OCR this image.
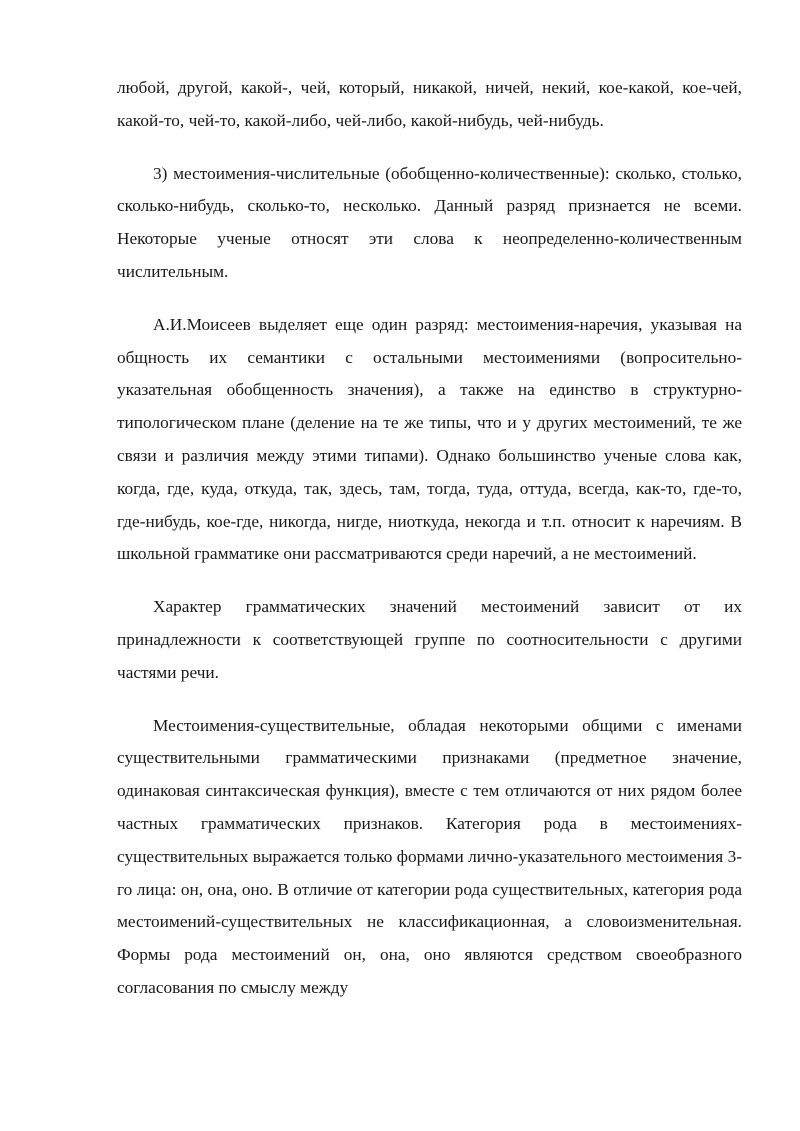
любой, другой, какой-, чей, который, никакой, ничей, некий, кое-какой, кое-чей, какой-то, чей-то, какой-либо, чей-либо, какой-нибудь, чей-нибудь.

3) местоимения-числительные (обобщенно-количественные): сколько, столько, сколько-нибудь, сколько-то, несколько. Данный разряд признается не всеми. Некоторые ученые относят эти слова к неопределенно-количественным числительным.

А.И.Моисеев выделяет еще один разряд: местоимения-наречия, указывая на общность их семантики с остальными местоимениями (вопросительно-указательная обобщенность значения), а также на единство в структурно-типологическом плане (деление на те же типы, что и у других местоимений, те же связи и различия между этими типами). Однако большинство ученые слова как, когда, где, куда, откуда, так, здесь, там, тогда, туда, оттуда, всегда, как-то, где-то, где-нибудь, кое-где, никогда, нигде, ниоткуда, некогда и т.п. относит к наречиям. В школьной грамматике они рассматриваются среди наречий, а не местоимений.

Характер грамматических значений местоимений зависит от их принадлежности к соответствующей группе по соотносительности с другими частями речи.

Местоимения-существительные, обладая некоторыми общими с именами существительными грамматическими признаками (предметное значение, одинаковая синтаксическая функция), вместе с тем отличаются от них рядом более частных грамматических признаков. Категория рода в местоимениях-существительных выражается только формами лично-указательного местоимения 3-го лица: он, она, оно. В отличие от категории рода существительных, категория рода местоимений-существительных не классификационная, а словоизменительная. Формы рода местоимений он, она, оно являются средством своеобразного согласования по смыслу между
